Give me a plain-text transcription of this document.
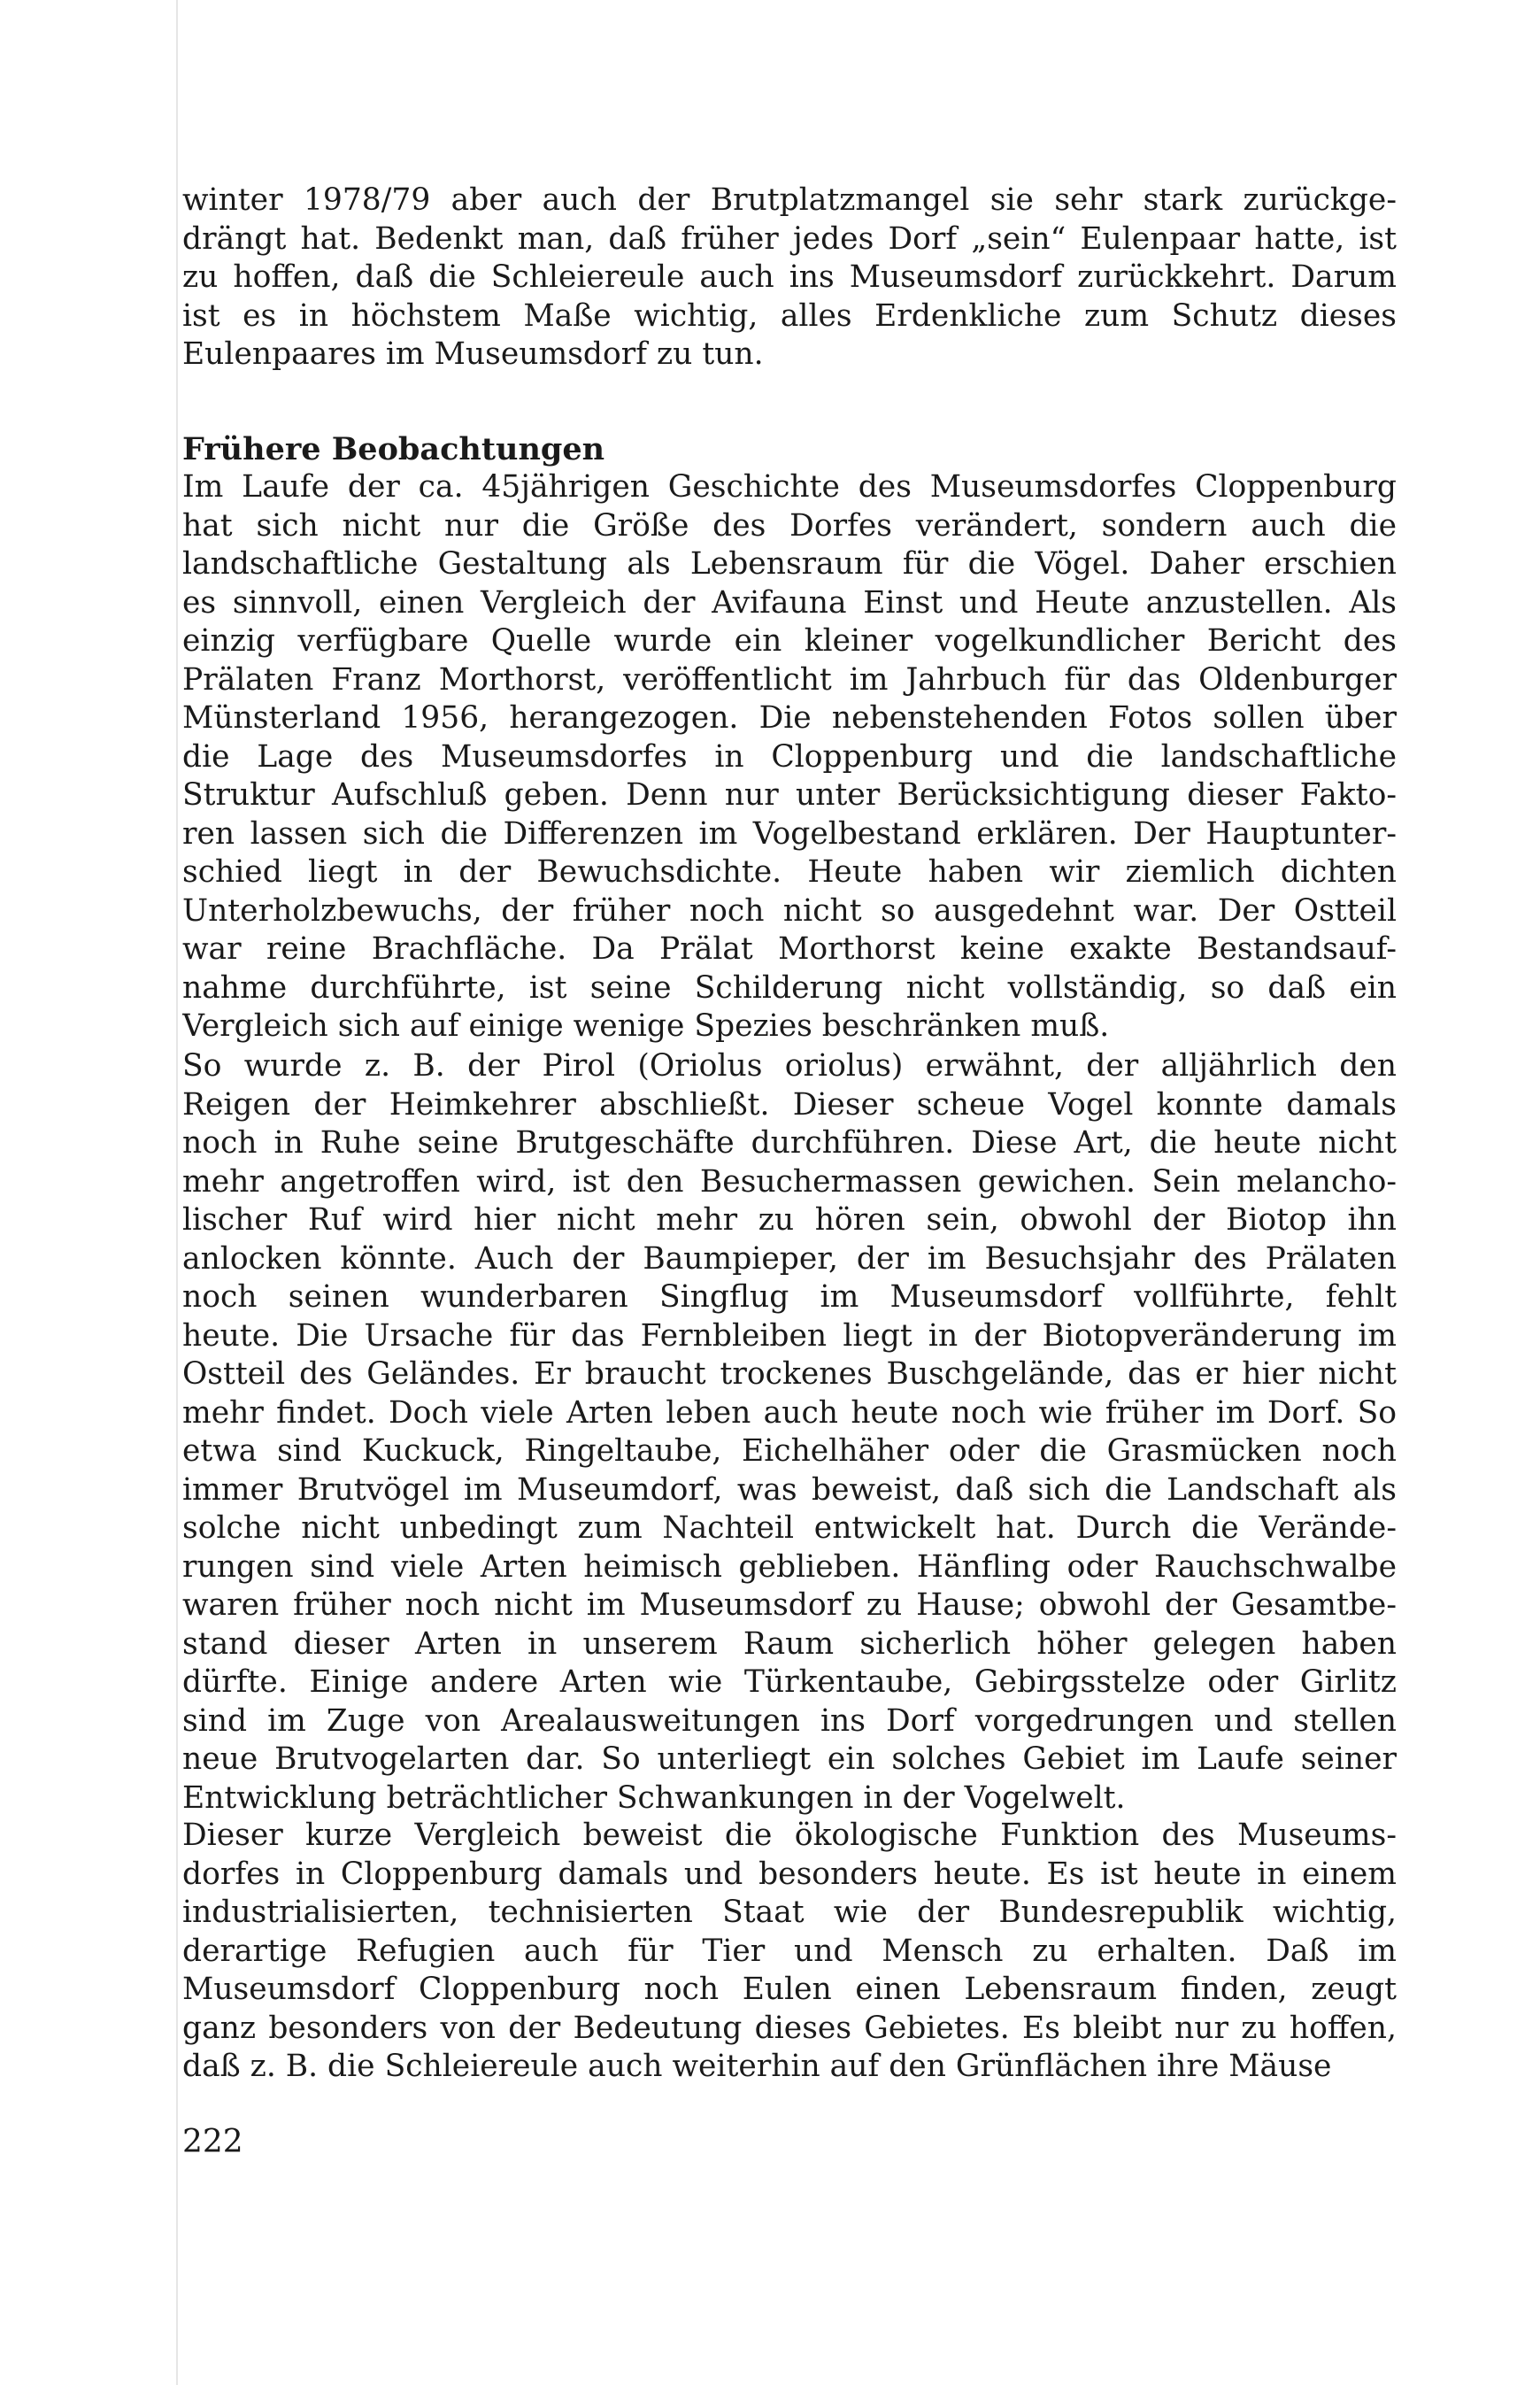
winter 1978/79 aber auch der Brutplatzmangel sie sehr stark zurückge-
drängt hat. Bedenkt man, daß früher jedes Dorf „sein“ Eulenpaar hatte, ist
zu hoffen, daß die Schleiereule auch ins Museumsdorf zurückkehrt. Darum
ist es in höchstem Maße wichtig, alles Erdenkliche zum Schutz dieses
Eulenpaares im Museumsdorf zu tun.
Frühere Beobachtungen
Im Laufe der ca. 45jährigen Geschichte des Museumsdorfes Cloppenburg
hat sich nicht nur die Größe des Dorfes verändert, sondern auch die
landschaftliche Gestaltung als Lebensraum für die Vögel. Daher erschien
es sinnvoll, einen Vergleich der Avifauna Einst und Heute anzustellen. Als
einzig verfügbare Quelle wurde ein kleiner vogelkundlicher Bericht des
Prälaten Franz Morthorst, veröffentlicht im Jahrbuch für das Oldenburger
Münsterland 1956, herangezogen. Die nebenstehenden Fotos sollen über
die Lage des Museumsdorfes in Cloppenburg und die landschaftliche
Struktur Aufschluß geben. Denn nur unter Berücksichtigung dieser Fakto-
ren lassen sich die Differenzen im Vogelbestand erklären. Der Hauptunter-
schied liegt in der Bewuchsdichte. Heute haben wir ziemlich dichten
Unterholzbewuchs, der früher noch nicht so ausgedehnt war. Der Ostteil
war reine Brachfläche. Da Prälat Morthorst keine exakte Bestandsauf-
nahme durchführte, ist seine Schilderung nicht vollständig, so daß ein
Vergleich sich auf einige wenige Spezies beschränken muß.
So wurde z. B. der Pirol (Oriolus oriolus) erwähnt, der alljährlich den
Reigen der Heimkehrer abschließt. Dieser scheue Vogel konnte damals
noch in Ruhe seine Brutgeschäfte durchführen. Diese Art, die heute nicht
mehr angetroffen wird, ist den Besuchermassen gewichen. Sein melancho-
lischer Ruf wird hier nicht mehr zu hören sein, obwohl der Biotop ihn
anlocken könnte. Auch der Baumpieper, der im Besuchsjahr des Prälaten
noch seinen wunderbaren Singflug im Museumsdorf vollführte, fehlt
heute. Die Ursache für das Fernbleiben liegt in der Biotopveränderung im
Ostteil des Geländes. Er braucht trockenes Buschgelände, das er hier nicht
mehr findet. Doch viele Arten leben auch heute noch wie früher im Dorf. So
etwa sind Kuckuck, Ringeltaube, Eichelhäher oder die Grasmücken noch
immer Brutvögel im Museumdorf, was beweist, daß sich die Landschaft als
solche nicht unbedingt zum Nachteil entwickelt hat. Durch die Verände-
rungen sind viele Arten heimisch geblieben. Hänfling oder Rauchschwalbe
waren früher noch nicht im Museumsdorf zu Hause; obwohl der Gesamtbe-
stand dieser Arten in unserem Raum sicherlich höher gelegen haben
dürfte. Einige andere Arten wie Türkentaube, Gebirgsstelze oder Girlitz
sind im Zuge von Arealausweitungen ins Dorf vorgedrungen und stellen
neue Brutvogelarten dar. So unterliegt ein solches Gebiet im Laufe seiner
Entwicklung beträchtlicher Schwankungen in der Vogelwelt.
Dieser kurze Vergleich beweist die ökologische Funktion des Museums-
dorfes in Cloppenburg damals und besonders heute. Es ist heute in einem
industrialisierten, technisierten Staat wie der Bundesrepublik wichtig,
derartige Refugien auch für Tier und Mensch zu erhalten. Daß im
Museumsdorf Cloppenburg noch Eulen einen Lebensraum finden, zeugt
ganz besonders von der Bedeutung dieses Gebietes. Es bleibt nur zu hoffen,
daß z. B. die Schleiereule auch weiterhin auf den Grünflächen ihre Mäuse
222
